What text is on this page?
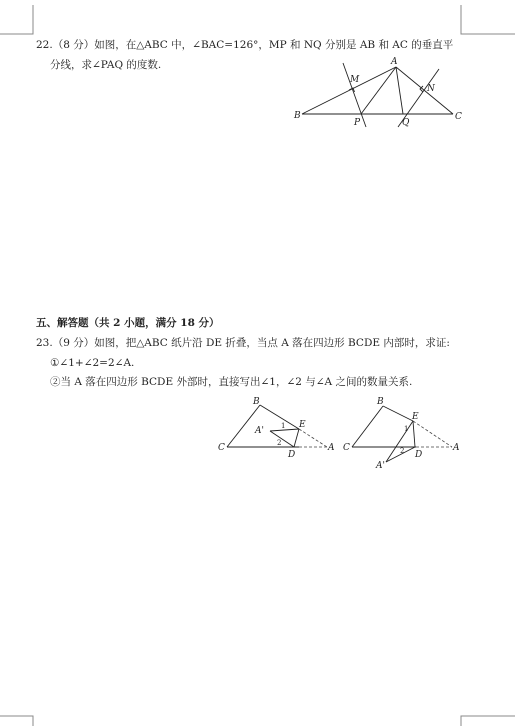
22.（8 分）如图，在△ABC 中，∠BAC=126°，MP 和 NQ 分别是 AB 和 AC 的垂直平
分线，求∠PAQ 的度数.	A
B	C
M
N
P	Q
五、解答题（共 2 小题，满分 18 分）
23.（9 分）如图，把△ABC 纸片沿 DE 折叠，当点 A 落在四边形 BCDE 内部时，求证:
①∠1+∠2=2∠A.
②当 A 落在四边形 BCDE 外部时，直接写出∠1，∠2 与∠A 之间的数量关系.
B
C	A
A'
E
D
1
2
B
C	A
A'
E
D
1
2
